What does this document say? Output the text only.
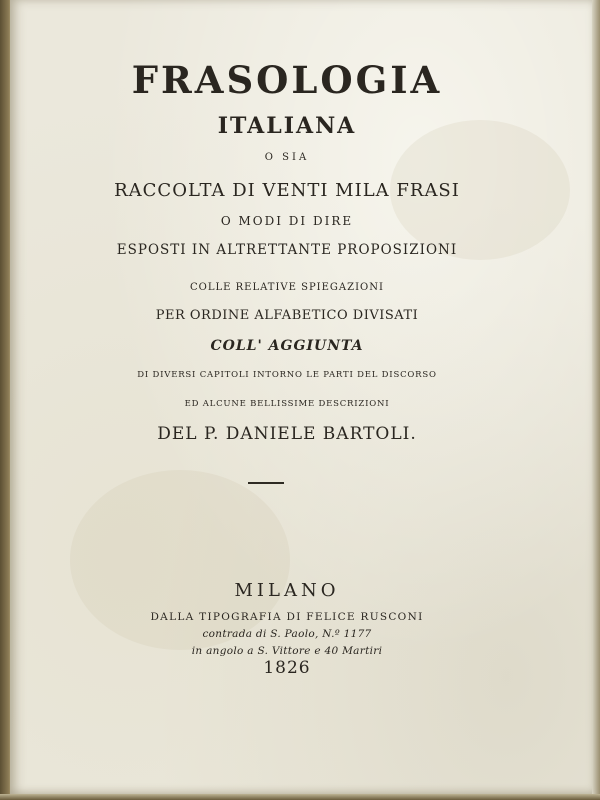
FRASOLOGIA
ITALIANA
O SIA
RACCOLTA DI VENTI MILA FRASI
O MODI DI DIRE
ESPOSTI IN ALTRETTANTE PROPOSIZIONI
COLLE RELATIVE SPIEGAZIONI
PER ORDINE ALFABETICO DIVISATI
COLL' AGGIUNTA
DI DIVERSI CAPITOLI INTORNO LE PARTI DEL DISCORSO
ED ALCUNE BELLISSIME DESCRIZIONI
DEL P. DANIELE BARTOLI.
MILANO
DALLA TIPOGRAFIA DI FELICE RUSCONI
contrada di S. Paolo, N.º 1177
in angolo a S. Vittore e 40 Martiri
1826
